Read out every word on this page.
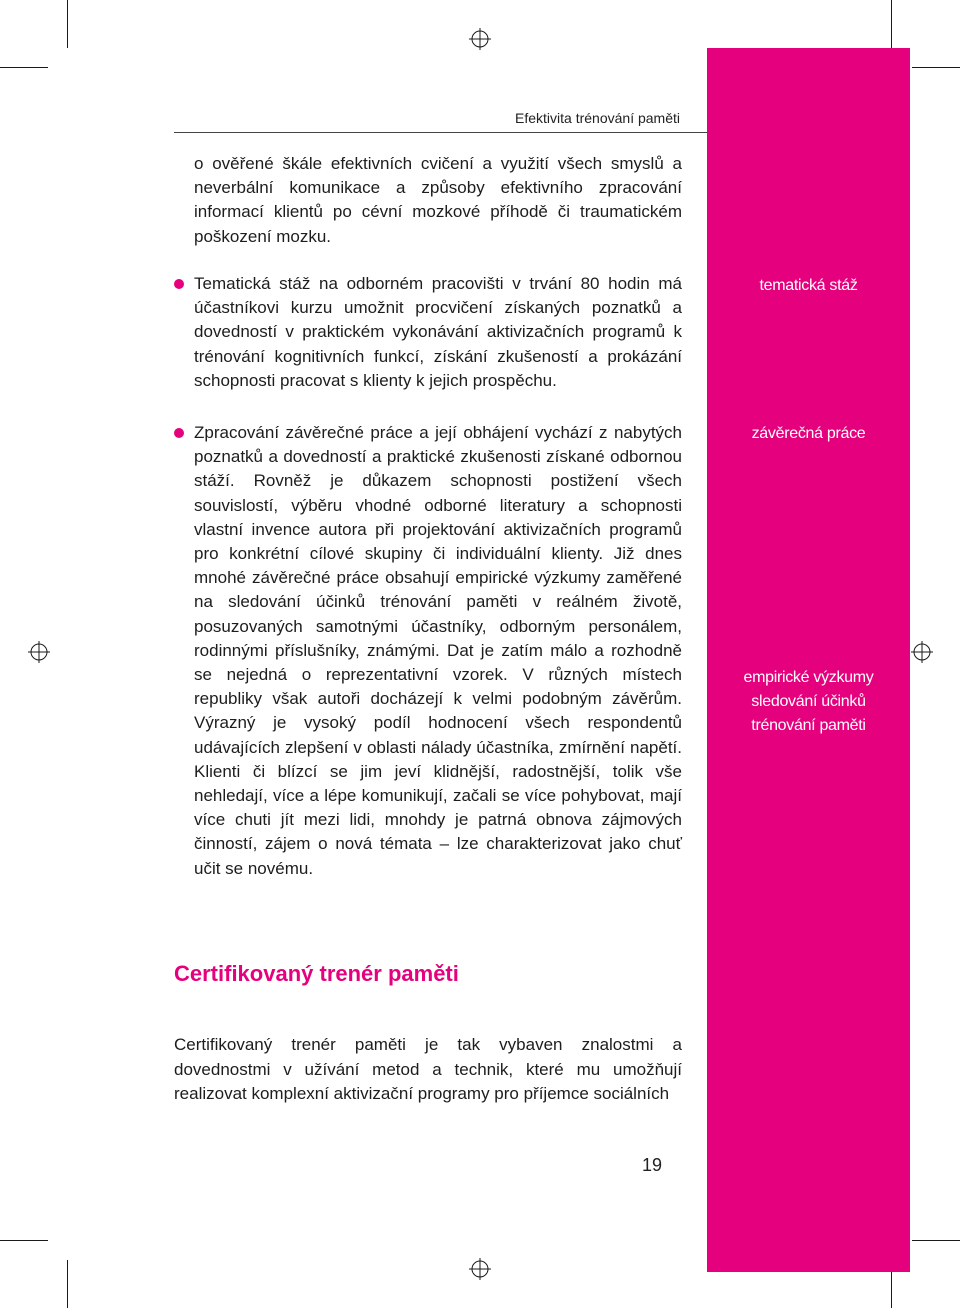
tematická stáž
závěrečná práce
empirické výzkumy
sledování účinků
trénování paměti
Efektivita trénování paměti

o ověřené škále efektivních cvičení a využití všech smyslů a neverbální komunikace a způsoby efektivního zpracování informací klientů po cévní mozkové příhodě či traumatickém poškození mozku.

Tematická stáž na odborném pracovišti v trvání 80 hodin má účastníkovi kurzu umožnit procvičení získaných poznatků a dovedností v praktickém vykonávání aktivizačních programů k trénování kognitivních funkcí, získání zkušeností a prokázání schopnosti pracovat s klienty k jejich prospěchu.

Zpracování závěrečné práce a její obhájení vychází z nabytých poznatků a dovedností a praktické zkušenosti získané odbornou stáží. Rovněž je důkazem schopnosti postižení všech souvislostí, výběru vhodné odborné literatury a schopnosti vlastní invence autora při projektování aktivizačních programů pro konkrétní cílové skupiny či individuální klienty. Již dnes mnohé závěrečné práce obsahují empirické výzkumy zaměřené na sledování účinků trénování paměti v reálném životě, posuzovaných samotnými účastníky, odborným personálem, rodinnými příslušníky, známými. Dat je zatím málo a rozhodně se nejedná o reprezentativní vzorek. V různých místech republiky však autoři docházejí k velmi podobným závěrům. Výrazný je vysoký podíl hodnocení všech respondentů udávajících zlepšení v oblasti nálady účastníka, zmírnění napětí. Klienti či blízcí se jim jeví klidnější, radostnější, tolik vše nehledají, více a lépe komunikují, začali se více pohybovat, mají více chuti jít mezi lidi, mnohdy je patrná obnova zájmových činností, zájem o nová témata – lze charakterizovat jako chuť učit se novému.

Certifikovaný trenér paměti

Certifikovaný trenér paměti je tak vybaven znalostmi a dovednostmi v užívání metod a technik, které mu umožňují realizovat komplexní aktivizační programy pro příjemce sociálních

19
